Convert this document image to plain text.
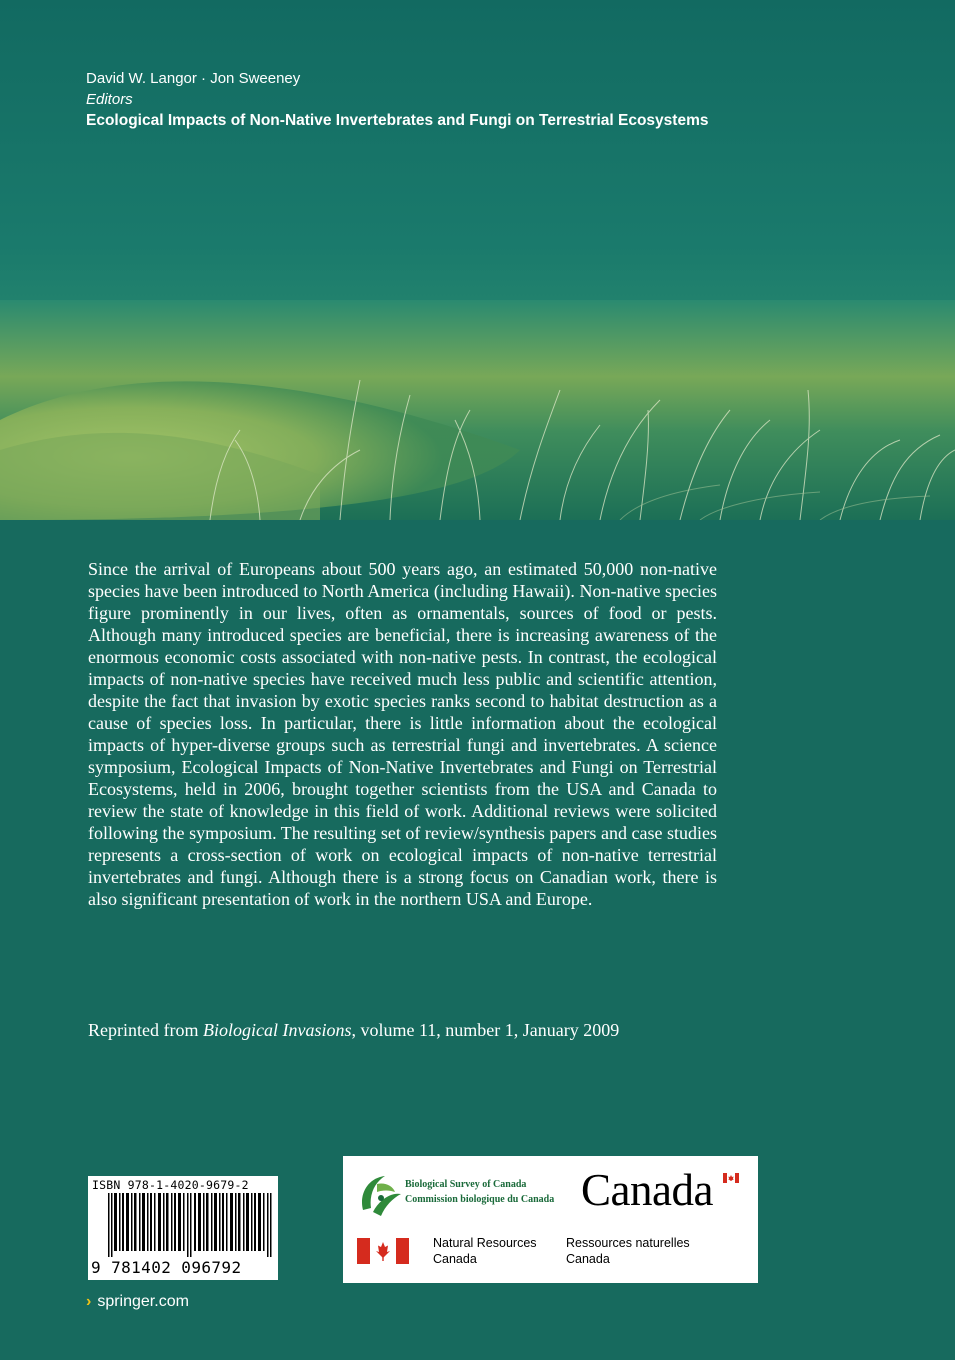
David W. Langor · Jon Sweeney
Editors
Ecological Impacts of Non-Native Invertebrates and Fungi on Terrestrial Ecosystems

Since the arrival of Europeans about 500 years ago, an estimated 50,000 non-native species have been introduced to North America (including Hawaii). Non-native species figure prominently in our lives, often as ornamentals, sources of food or pests. Although many introduced species are beneficial, there is increasing awareness of the enormous economic costs associated with non-native pests. In contrast, the ecological impacts of non-native species have received much less public and scientific attention, despite the fact that invasion by exotic species ranks second to habitat destruction as a cause of species loss. In particular, there is little information about the ecological impacts of hyper-diverse groups such as terrestrial fungi and invertebrates. A science symposium, Ecological Impacts of Non-Native Invertebrates and Fungi on Terrestrial Ecosystems, held in 2006, brought together scientists from the USA and Canada to review the state of knowledge in this field of work. Additional reviews were solicited following the symposium. The resulting set of review/synthesis papers and case studies represents a cross-section of work on ecological impacts of non-native terrestrial invertebrates and fungi. Although there is a strong focus on Canadian work, there is also significant presentation of work in the northern USA and Europe.

Reprinted from Biological Invasions, volume 11, number 1, January 2009
ISBN 978-1-4020-9679-2
9 781402 096792
› springer.com
Biological Survey of Canada
Commission biologique du Canada Canada
Natural Resources
Canada
Ressources naturelles
Canada
